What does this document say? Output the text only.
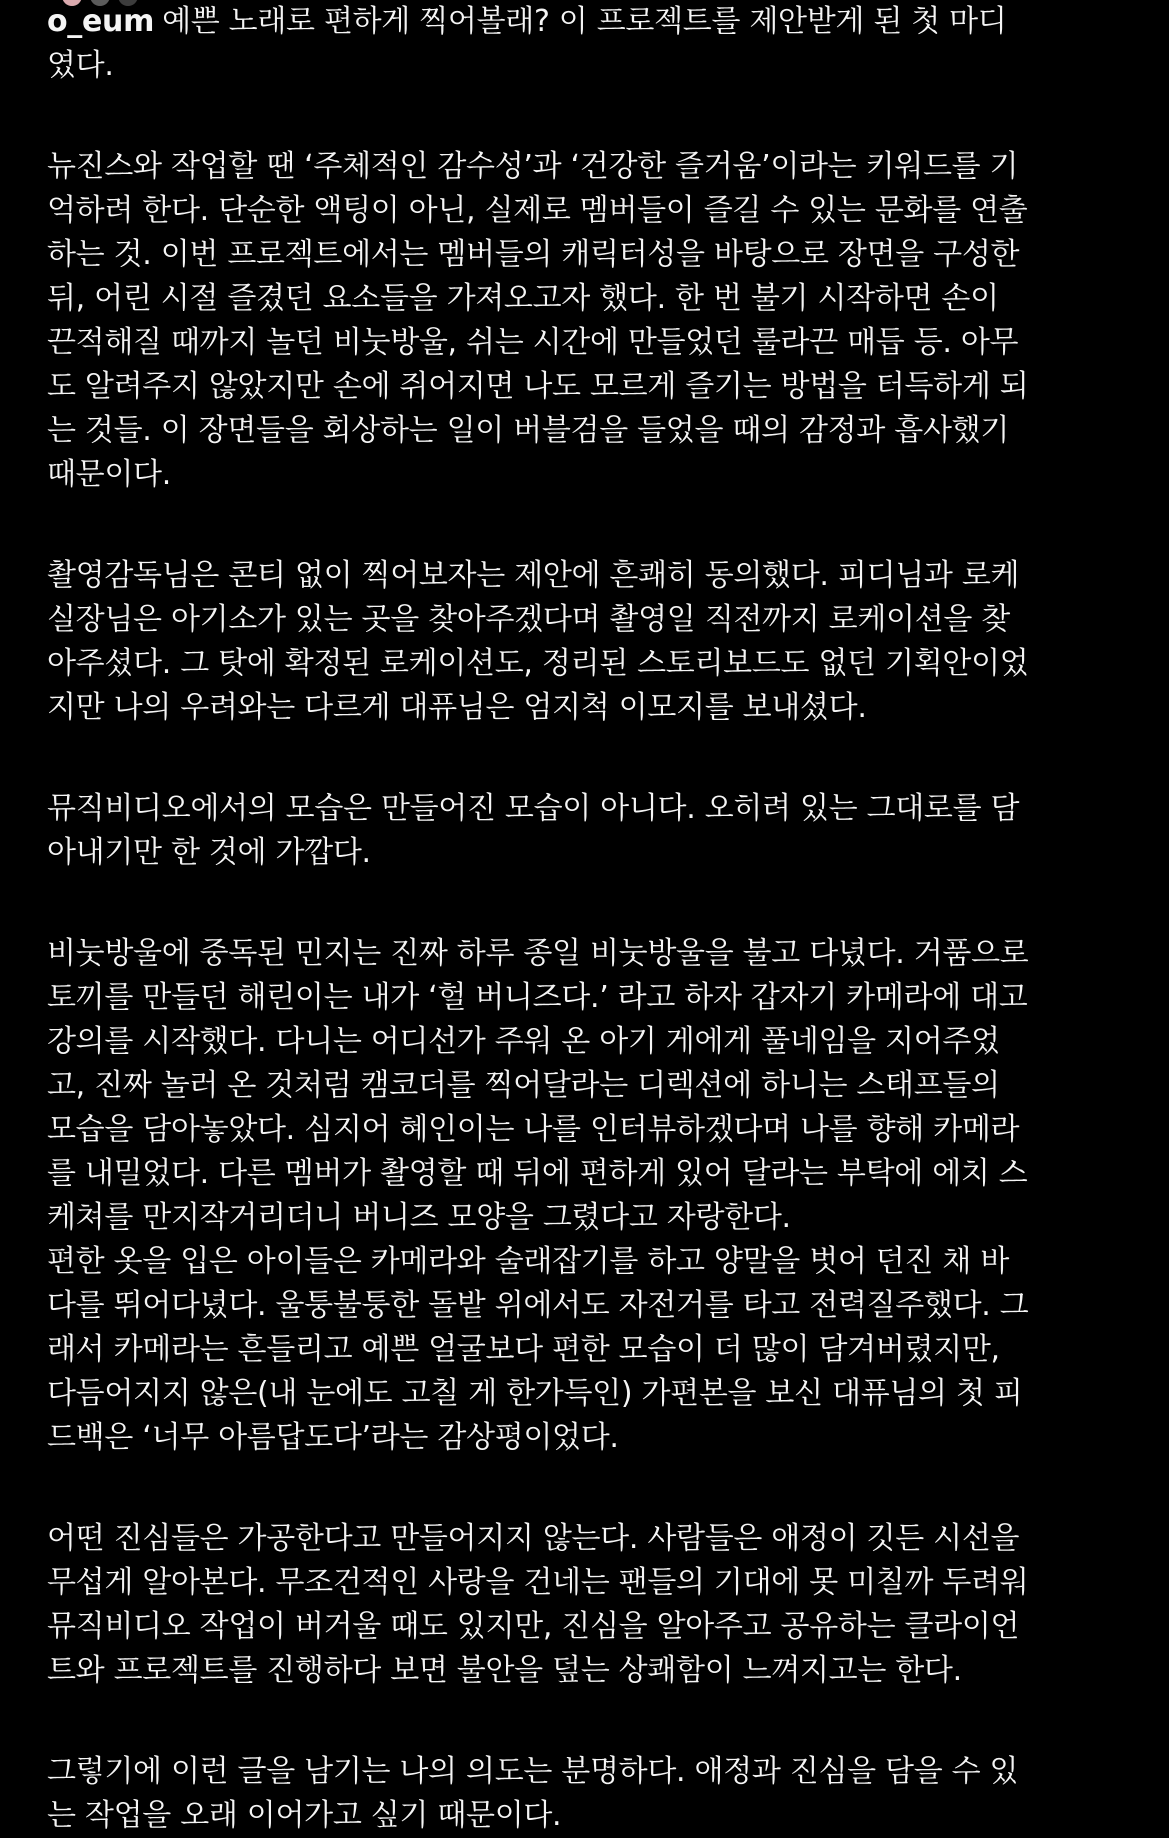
o_eum 예쁜 노래로 편하게 찍어볼래? 이 프로젝트를 제안받게 된 첫 마디
였다.

뉴진스와 작업할 땐 ‘주체적인 감수성’과 ‘건강한 즐거움’이라는 키워드를 기
억하려 한다. 단순한 액팅이 아닌, 실제로 멤버들이 즐길 수 있는 문화를 연출
하는 것. 이번 프로젝트에서는 멤버들의 캐릭터성을 바탕으로 장면을 구성한
뒤, 어린 시절 즐겼던 요소들을 가져오고자 했다. 한 번 불기 시작하면 손이
끈적해질 때까지 놀던 비눗방울, 쉬는 시간에 만들었던 룰라끈 매듭 등. 아무
도 알려주지 않았지만 손에 쥐어지면 나도 모르게 즐기는 방법을 터득하게 되
는 것들. 이 장면들을 회상하는 일이 버블검을 들었을 때의 감정과 흡사했기
때문이다.

촬영감독님은 콘티 없이 찍어보자는 제안에 흔쾌히 동의했다. 피디님과 로케
실장님은 아기소가 있는 곳을 찾아주겠다며 촬영일 직전까지 로케이션을 찾
아주셨다. 그 탓에 확정된 로케이션도, 정리된 스토리보드도 없던 기획안이었
지만 나의 우려와는 다르게 대퓨님은 엄지척 이모지를 보내셨다.

뮤직비디오에서의 모습은 만들어진 모습이 아니다. 오히려 있는 그대로를 담
아내기만 한 것에 가깝다.

비눗방울에 중독된 민지는 진짜 하루 종일 비눗방울을 불고 다녔다. 거품으로
토끼를 만들던 해린이는 내가 ‘헐 버니즈다.’ 라고 하자 갑자기 카메라에 대고
강의를 시작했다. 다니는 어디선가 주워 온 아기 게에게 풀네임을 지어주었
고, 진짜 놀러 온 것처럼 캠코더를 찍어달라는 디렉션에 하니는 스태프들의
모습을 담아놓았다. 심지어 혜인이는 나를 인터뷰하겠다며 나를 향해 카메라
를 내밀었다. 다른 멤버가 촬영할 때 뒤에 편하게 있어 달라는 부탁에 에치 스
케쳐를 만지작거리더니 버니즈 모양을 그렸다고 자랑한다.
편한 옷을 입은 아이들은 카메라와 술래잡기를 하고 양말을 벗어 던진 채 바
다를 뛰어다녔다. 울퉁불퉁한 돌밭 위에서도 자전거를 타고 전력질주했다. 그
래서 카메라는 흔들리고 예쁜 얼굴보다 편한 모습이 더 많이 담겨버렸지만,
다듬어지지 않은(내 눈에도 고칠 게 한가득인) 가편본을 보신 대퓨님의 첫 피
드백은 ‘너무 아름답도다’라는 감상평이었다.

어떤 진심들은 가공한다고 만들어지지 않는다. 사람들은 애정이 깃든 시선을
무섭게 알아본다. 무조건적인 사랑을 건네는 팬들의 기대에 못 미칠까 두려워
뮤직비디오 작업이 버거울 때도 있지만, 진심을 알아주고 공유하는 클라이언
트와 프로젝트를 진행하다 보면 불안을 덮는 상쾌함이 느껴지고는 한다.

그렇기에 이런 글을 남기는 나의 의도는 분명하다. 애정과 진심을 담을 수 있
는 작업을 오래 이어가고 싶기 때문이다.
